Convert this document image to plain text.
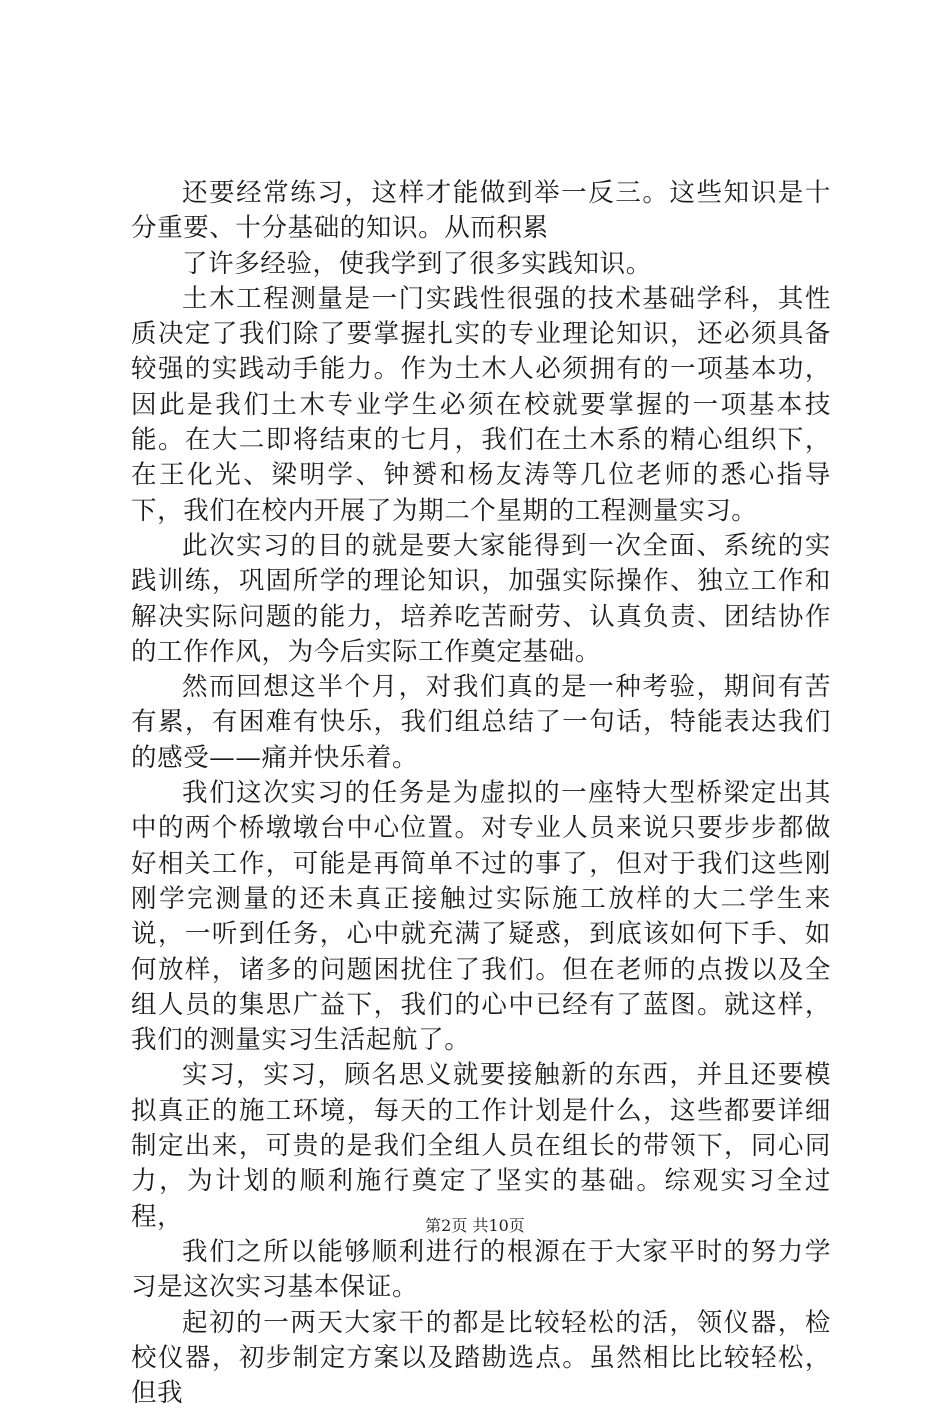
还要经常练习，这样才能做到举一反三。这些知识是十分重要、十分基础的知识。从而积累

了许多经验，使我学到了很多实践知识。

土木工程测量是一门实践性很强的技术基础学科，其性质决定了我们除了要掌握扎实的专业理论知识，还必须具备较强的实践动手能力。作为土木人必须拥有的一项基本功，因此是我们土木专业学生必须在校就要掌握的一项基本技能。在大二即将结束的七月，我们在土木系的精心组织下，在王化光、梁明学、钟赟和杨友涛等几位老师的悉心指导下，我们在校内开展了为期二个星期的工程测量实习。

此次实习的目的就是要大家能得到一次全面、系统的实践训练，巩固所学的理论知识，加强实际操作、独立工作和解决实际问题的能力，培养吃苦耐劳、认真负责、团结协作的工作作风，为今后实际工作奠定基础。

然而回想这半个月，对我们真的是一种考验，期间有苦有累，有困难有快乐，我们组总结了一句话，特能表达我们的感受——痛并快乐着。

我们这次实习的任务是为虚拟的一座特大型桥梁定出其中的两个桥墩墩台中心位置。对专业人员来说只要步步都做好相关工作，可能是再简单不过的事了，但对于我们这些刚刚学完测量的还未真正接触过实际施工放样的大二学生来说，一听到任务，心中就充满了疑惑，到底该如何下手、如何放样，诸多的问题困扰住了我们。但在老师的点拨以及全组人员的集思广益下，我们的心中已经有了蓝图。就这样，我们的测量实习生活起航了。

实习，实习，顾名思义就要接触新的东西，并且还要模拟真正的施工环境，每天的工作计划是什么，这些都要详细制定出来，可贵的是我们全组人员在组长的带领下，同心同力，为计划的顺利施行奠定了坚实的基础。综观实习全过程，

我们之所以能够顺利进行的根源在于大家平时的努力学习是这次实习基本保证。

起初的一两天大家干的都是比较轻松的活，领仪器，检校仪器，初步制定方案以及踏勘选点。虽然相比比较轻松，但我

第2页 共10页
